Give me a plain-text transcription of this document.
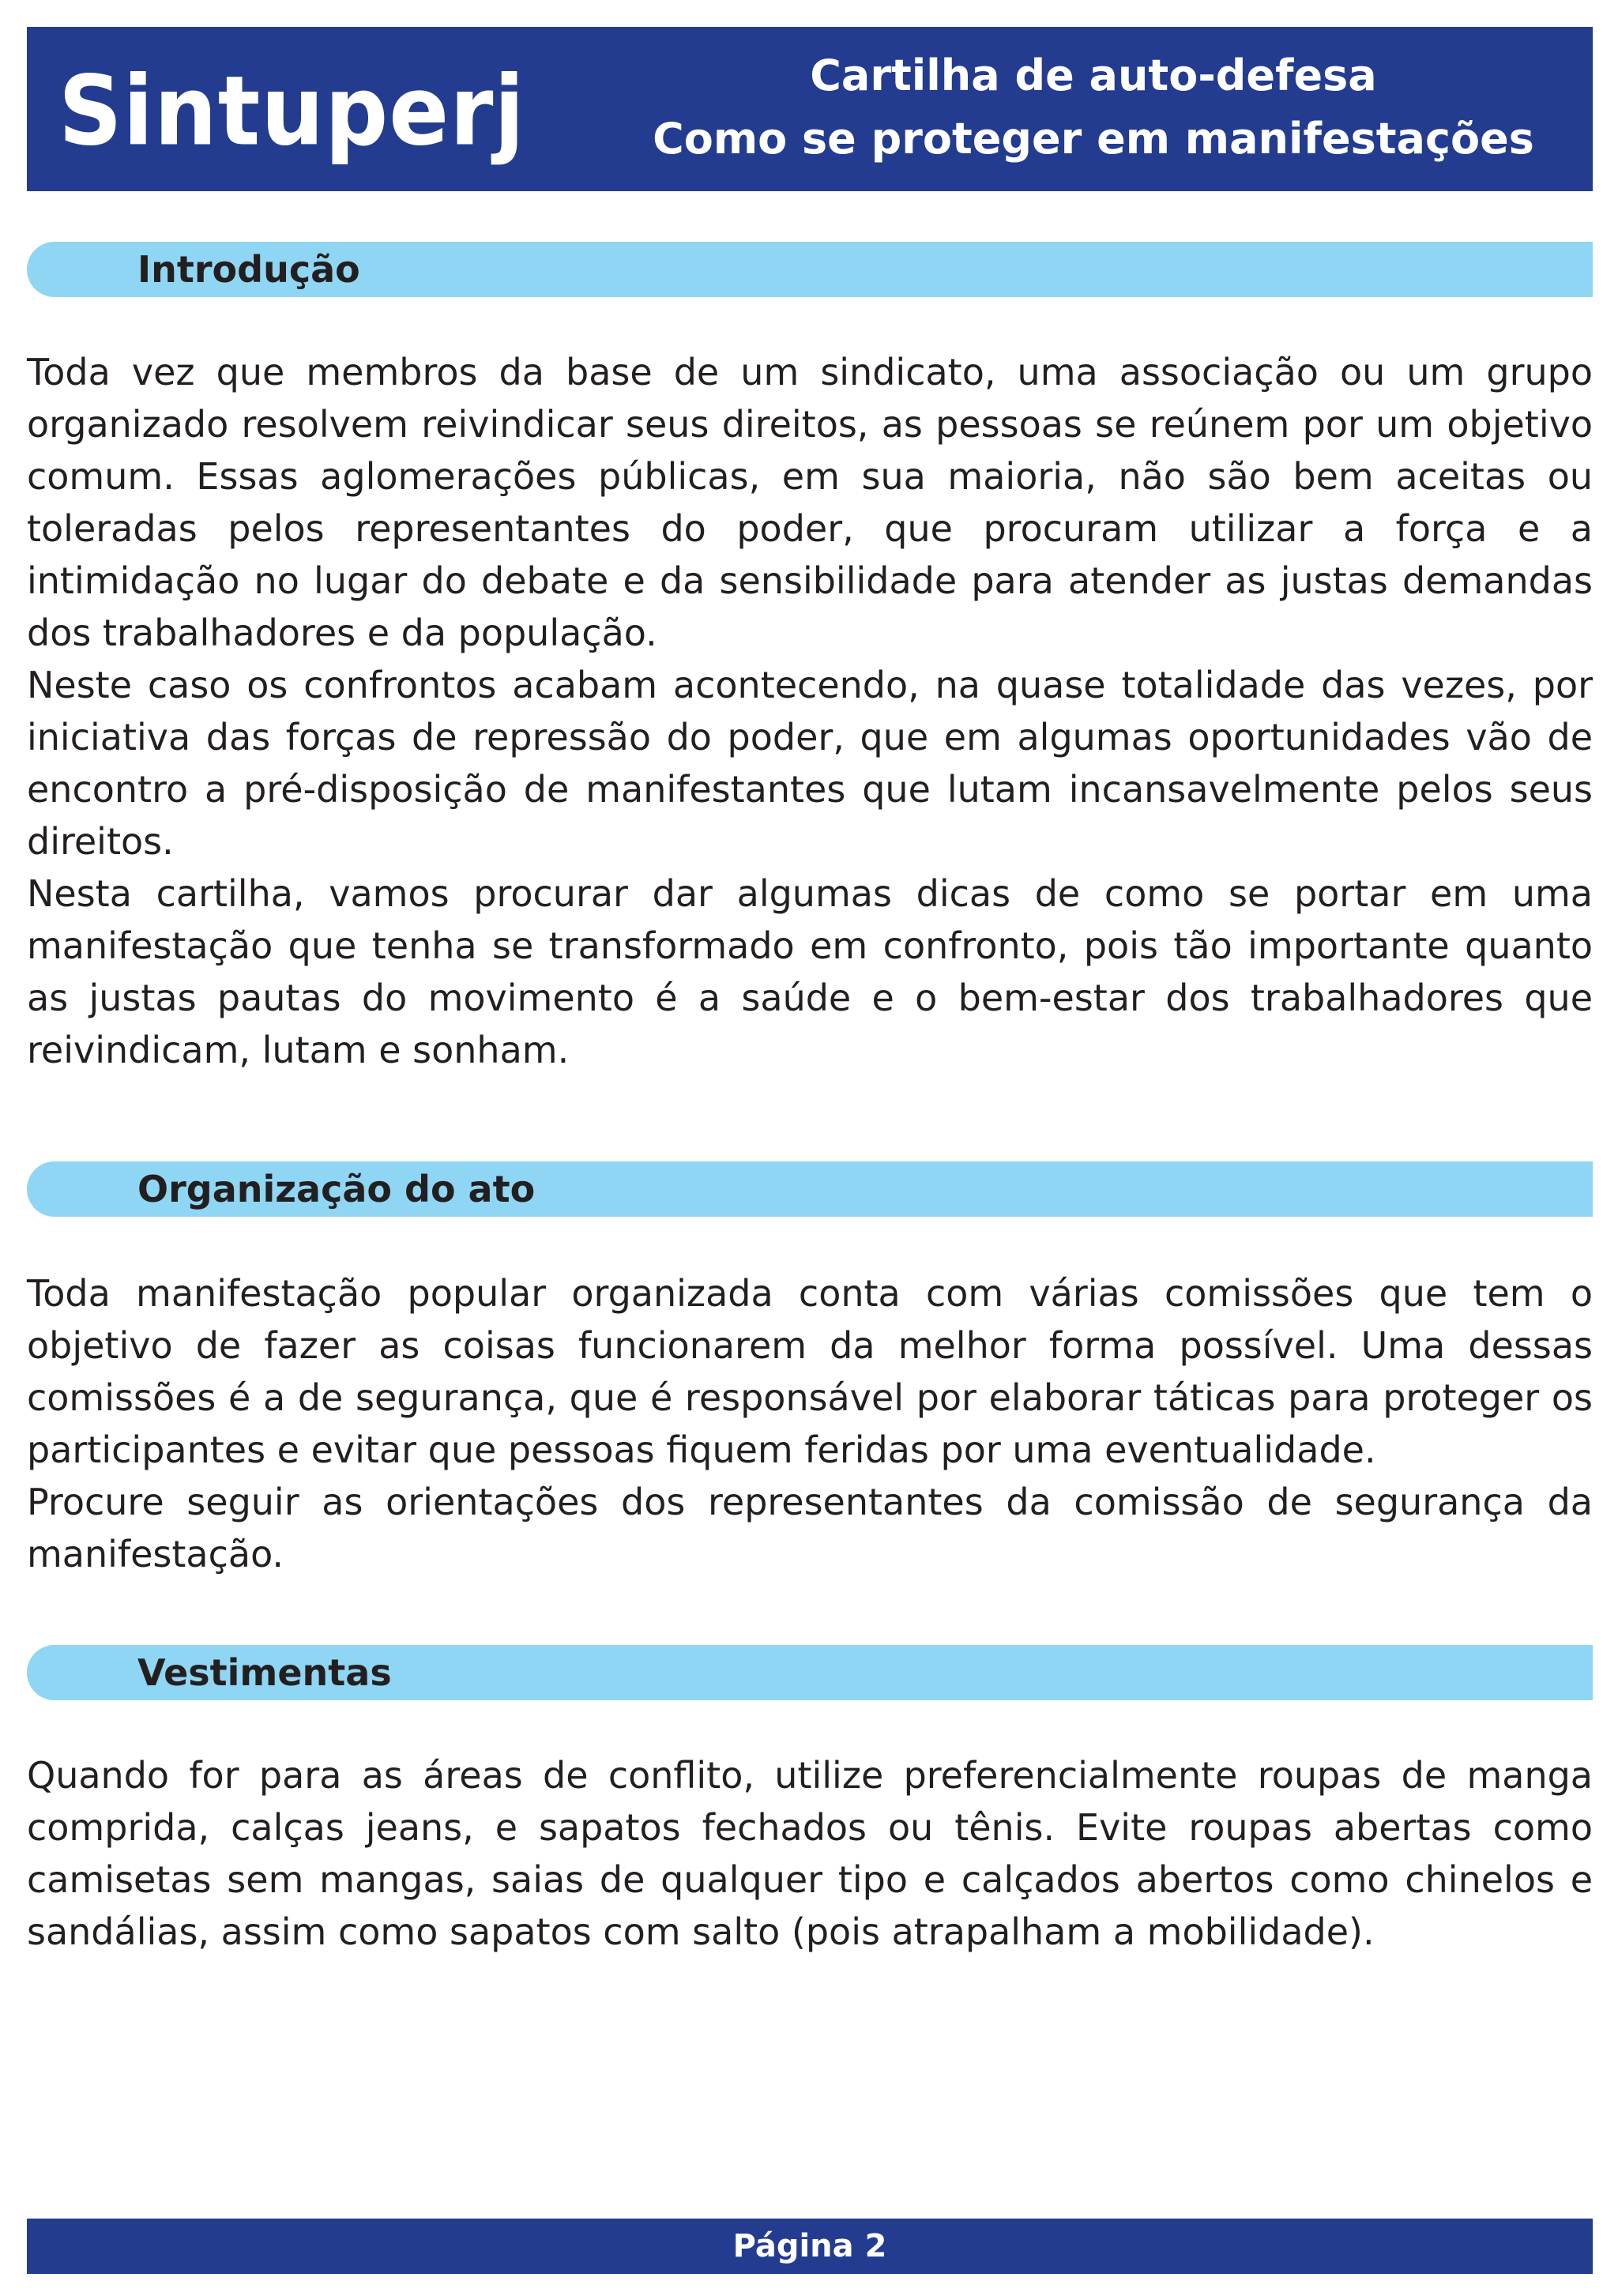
Sintuperj	Cartilha de auto-defesa
Como se proteger em manifestações
Introdução

Toda vez que membros da base de um sindicato, uma associação ou um grupo organizado resolvem reivindicar seus direitos, as pessoas se reúnem por um objetivo comum. Essas aglomerações públicas, em sua maioria, não são bem aceitas ou toleradas pelos representantes do poder, que procuram utilizar a força e a intimidação no lugar do debate e da sensibilidade para atender as justas demandas dos trabalhadores e da população.

Neste caso os confrontos acabam acontecendo, na quase totalidade das vezes, por iniciativa das forças de repressão do poder, que em algumas oportunidades vão de encontro a pré-disposição de manifestantes que lutam incansavelmente pelos seus direitos.

Nesta cartilha, vamos procurar dar algumas dicas de como se portar em uma manifestação que tenha se transformado em confronto, pois tão importante quanto as justas pautas do movimento é a saúde e o bem-estar dos trabalhadores que reivindicam, lutam e sonham.

Organização do ato

Toda manifestação popular organizada conta com várias comissões que tem o objetivo de fazer as coisas funcionarem da melhor forma possível. Uma dessas comissões é a de segurança, que é responsável por elaborar táticas para proteger os participantes e evitar que pessoas fiquem feridas por uma eventualidade.

Procure seguir as orientações dos representantes da comissão de segurança da manifestação.

Vestimentas

Quando for para as áreas de conflito, utilize preferencialmente roupas de manga comprida, calças jeans, e sapatos fechados ou tênis. Evite roupas abertas como camisetas sem mangas, saias de qualquer tipo e calçados abertos como chinelos e sandálias, assim como sapatos com salto (pois atrapalham a mobilidade).

Página 2
